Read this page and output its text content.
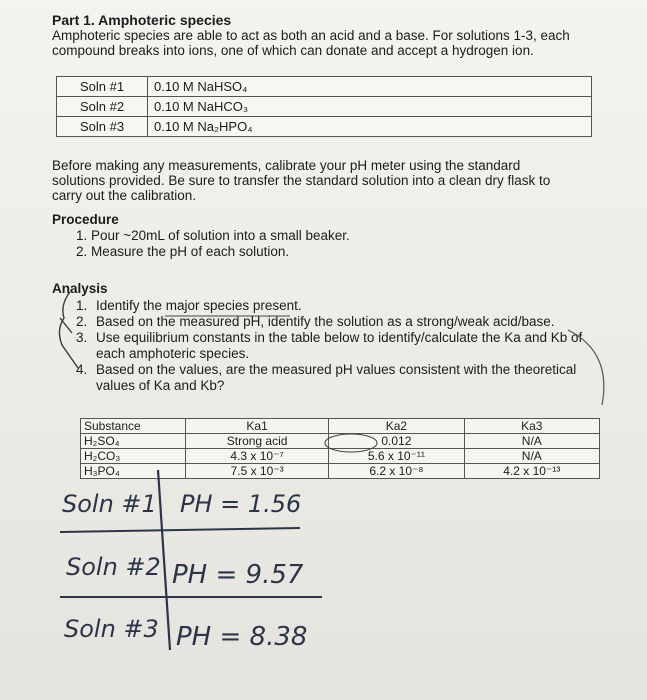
Part 1. Amphoteric species
Amphoteric species are able to act as both an acid and a base. For solutions 1-3, each compound breaks into ions, one of which can donate and accept a hydrogen ion.
Soln #1	0.10 M NaHSO₄
Soln #2	0.10 M NaHCO₃
Soln #3	0.10 M Na₂HPO₄
Before making any measurements, calibrate your pH meter using the standard solutions provided. Be sure to transfer the standard solution into a clean dry flask to carry out the calibration.
Procedure
1. Pour ~20mL of solution into a small beaker.
2. Measure the pH of each solution.
Analysis
1. Identify the major species present.
2. Based on the measured pH, identify the solution as a strong/weak acid/base.
3. Use equilibrium constants in the table below to identify/calculate the Ka and Kb of each amphoteric species.
4. Based on the values, are the measured pH values consistent with the theoretical values of Ka and Kb?
Substance	Ka1	Ka2	Ka3
H₂SO₄	Strong acid	0.012	N/A
H₂CO₃	4.3 x 10⁻⁷	5.6 x 10⁻¹¹	N/A
H₃PO₄	7.5 x 10⁻³	6.2 x 10⁻⁸	4.2 x 10⁻¹³
Soln #1 PH = 1.56
Soln #2 PH = 9.57
Soln #3 PH = 8.38
